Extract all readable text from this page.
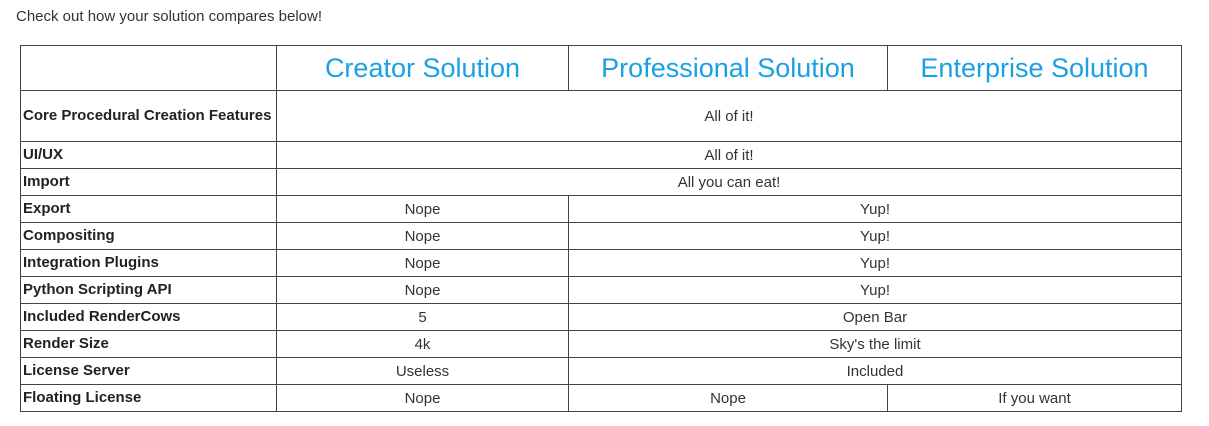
Check out how your solution compares below!

	Creator Solution	Professional Solution	Enterprise Solution
Core Procedural Creation Features	All of it!		
UI/UX	All of it!		
Import	All you can eat!		
Export	Nope	Yup!	
Compositing	Nope	Yup!	
Integration Plugins	Nope	Yup!	
Python Scripting API	Nope	Yup!	
Included RenderCows	5	Open Bar	
Render Size	4k	Sky's the limit	
License Server	Useless	Included	
Floating License	Nope	Nope	If you want
